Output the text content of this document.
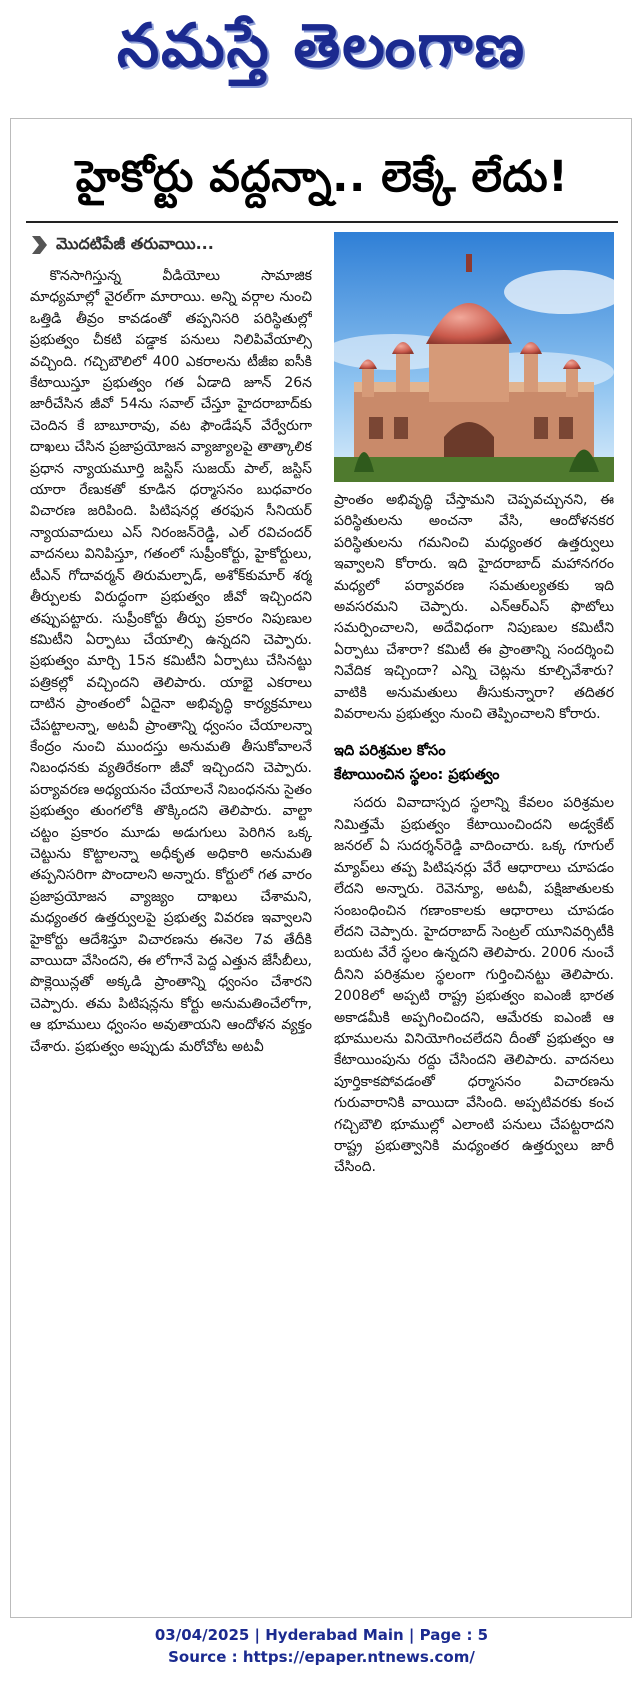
నమస్తే తెలంగాణ
హైకోర్టు వద్దన్నా.. లెక్కే లేదు!
మొదటిపేజీ తరువాయి...

కొనసాగిస్తున్న వీడియోలు సామాజిక మాధ్యమాల్లో వైరల్‌గా మారాయి. అన్ని వర్గాల నుంచి ఒత్తిడి తీవ్రం కావడంతో తప్పనిసరి పరిస్థితుల్లో ప్రభుత్వం చీకటి పడ్డాక పనులు నిలిపివేయాల్సి వచ్చింది. గచ్చిబౌలిలో 400 ఎకరాలను టీజీఐ ఐసీకి కేటాయిస్తూ ప్రభుత్వం గత ఏడాది జూన్‌ 26న జారీచేసిన జీవో 54ను సవాల్‌ చేస్తూ హైదరాబాద్‌కు చెందిన కే బాబూరావు, వట ఫౌండేషన్‌ వేర్వేరుగా దాఖలు చేసిన ప్రజాప్రయోజన వ్యాజ్యాలపై తాత్కాలిక ప్రధాన న్యాయమూర్తి జస్టిస్‌ సుజయ్‌ పాల్‌, జస్టిస్‌ యారా రేణుకతో కూడిన ధర్మాసనం బుధవారం విచారణ జరిపింది. పిటిషనర్ల తరఫున సీనియర్‌ న్యాయవాదులు ఎస్‌ నిరంజన్‌రెడ్డి, ఎల్‌ రవిచందర్‌ వాదనలు వినిపిస్తూ, గతంలో సుప్రీంకోర్టు, హైకోర్టులు, టీఎన్‌ గోదావర్మన్‌ తిరుమల్పాడ్‌, అశోక్‌కుమార్‌ శర్మ తీర్పులకు విరుద్ధంగా ప్రభుత్వం జీవో ఇచ్చిందని తప్పుపట్టారు. సుప్రీంకోర్టు తీర్పు ప్రకారం నిపుణుల కమిటీని ఏర్పాటు చేయాల్సి ఉన్నదని చెప్పారు. ప్రభుత్వం మార్చి 15న కమిటీని ఏర్పాటు చేసినట్టు పత్రికల్లో వచ్చిందని తెలిపారు. యాభై ఎకరాలు దాటిన ప్రాంతంలో ఏదైనా అభివృద్ధి కార్యక్రమాలు చేపట్టాలన్నా, అటవీ ప్రాంతాన్ని ధ్వంసం చేయాలన్నా కేంద్రం నుంచి ముందస్తు అనుమతి తీసుకోవాలనే నిబంధనకు వ్యతిరేకంగా జీవో ఇచ్చిందని చెప్పారు. పర్యావరణ అధ్యయనం చేయాలనే నిబంధనను సైతం ప్రభుత్వం తుంగలోకి తొక్కిందని తెలిపారు. వాల్టా చట్టం ప్రకారం మూడు అడుగులు పెరిగిన ఒక్క చెట్టును కొట్టాలన్నా అధీకృత అధికారి అనుమతి తప్పనిసరిగా పొందాలని అన్నారు. కోర్టులో గత వారం ప్రజాప్రయోజన వ్యాజ్యం దాఖలు చేశామని, మధ్యంతర ఉత్తర్వులపై ప్రభుత్వ వివరణ ఇవ్వాలని హైకోర్టు ఆదేశిస్తూ విచారణను ఈనెల 7వ తేదీకి వాయిదా వేసిందని, ఈ లోగానే పెద్ద ఎత్తున జేసీబీలు, పొక్లెయిన్లతో అక్కడి ప్రాంతాన్ని ధ్వంసం చేశారని చెప్పారు. తమ పిటిషన్లను కోర్టు అనుమతించేలోగా, ఆ భూములు ధ్వంసం అవుతాయని ఆందోళన వ్యక్తం చేశారు. ప్రభుత్వం అప్పుడు మరోచోట అటవీ

ప్రాంతం అభివృద్ధి చేస్తామని చెప్పవచ్చునని, ఈ పరిస్థితులను అంచనా వేసి, ఆందోళనకర పరిస్థితులను గమనించి మధ్యంతర ఉత్తర్వులు ఇవ్వాలని కోరారు. ఇది హైదరాబాద్‌ మహానగరం మధ్యలో పర్యావరణ సమతుల్యతకు ఇది అవసరమని చెప్పారు. ఎన్‌ఆర్‌ఎస్‌ ఫొటోలు సమర్పించాలని, అదేవిధంగా నిపుణుల కమిటీని ఏర్పాటు చేశారా? కమిటీ ఈ ప్రాంతాన్ని సందర్శించి నివేదిక ఇచ్చిందా? ఎన్ని చెట్లను కూల్చివేశారు? వాటికి అనుమతులు తీసుకున్నారా? తదితర వివరాలను ప్రభుత్వం నుంచి తెప్పించాలని కోరారు.

ఇది పరిశ్రమల కోసం
కేటాయించిన స్థలం: ప్రభుత్వం

సదరు వివాదాస్పద స్థలాన్ని కేవలం పరిశ్రమల నిమిత్తమే ప్రభుత్వం కేటాయించిందని అడ్వకేట్‌ జనరల్‌ ఏ సుదర్శన్‌రెడ్డి వాదించారు. ఒక్క గూగుల్‌ మ్యాప్‌లు తప్ప పిటిషనర్లు వేరే ఆధారాలు చూపడం లేదని అన్నారు. రెవెన్యూ, అటవీ, పక్షిజాతులకు సంబంధించిన గణాంకాలకు ఆధారాలు చూపడం లేదని చెప్పారు. హైదరాబాద్‌ సెంట్రల్‌ యూనివర్సిటీకి బయట వేరే స్థలం ఉన్నదని తెలిపారు. 2006 నుంచే దీనిని పరిశ్రమల స్థలంగా గుర్తించినట్టు తెలిపారు. 2008లో అప్పటి రాష్ట్ర ప్రభుత్వం ఐఎంజీ భారత అకాడమీకి అప్పగించిందని, ఆమేరకు ఐఎంజీ ఆ భూములను వినియోగించలేదని దీంతో ప్రభుత్వం ఆ కేటాయింపును రద్దు చేసిందని తెలిపారు. వాదనలు పూర్తికాకపోవడంతో ధర్మాసనం విచారణను గురువారానికి వాయిదా వేసింది. అప్పటివరకు కంచ గచ్చిబౌలి భూముల్లో ఎలాంటి పనులు చేపట్టరాదని రాష్ట్ర ప్రభుత్వానికి మధ్యంతర ఉత్తర్వులు జారీ చేసింది.

03/04/2025 | Hyderabad Main | Page : 5
Source : https://epaper.ntnews.com/
